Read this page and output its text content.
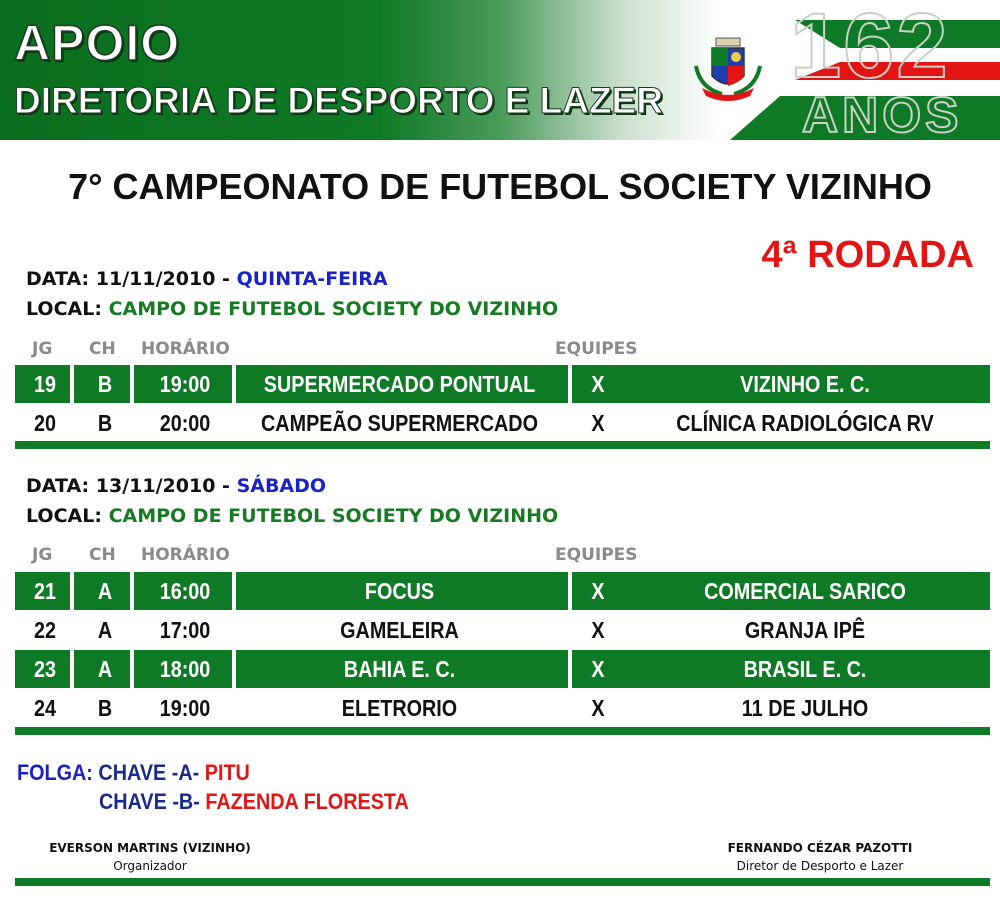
162
ANOS
APOIO
DIRETORIA DE DESPORTO E LAZER
7° CAMPEONATO DE FUTEBOL SOCIETY VIZINHO
4ª RODADA
DATA: 11/11/2010 - QUINTA-FEIRA
LOCAL: CAMPO DE FUTEBOL SOCIETY DO VIZINHO
JG CH HORÁRIO	EQUIPES
19	B	19:00	SUPERMERCADO PONTUAL	X	VIZINHO E. C.
20	B	20:00	CAMPEÃO SUPERMERCADO	X	CLÍNICA RADIOLÓGICA RV
DATA: 13/11/2010 - SÁBADO
LOCAL: CAMPO DE FUTEBOL SOCIETY DO VIZINHO
JG CH HORÁRIO	EQUIPES
21	A	16:00	FOCUS	X	COMERCIAL SARICO
22	A	17:00	GAMELEIRA	X	GRANJA IPÊ
23	A	18:00	BAHIA E. C.	X	BRASIL E. C.
24	B	19:00	ELETRORIO	X	11 DE JULHO
FOLGA: CHAVE -A- PITU
CHAVE -B- FAZENDA FLORESTA
EVERSON MARTINS (VIZINHO)
Organizador
FERNANDO CÉZAR PAZOTTI
Diretor de Desporto e Lazer
